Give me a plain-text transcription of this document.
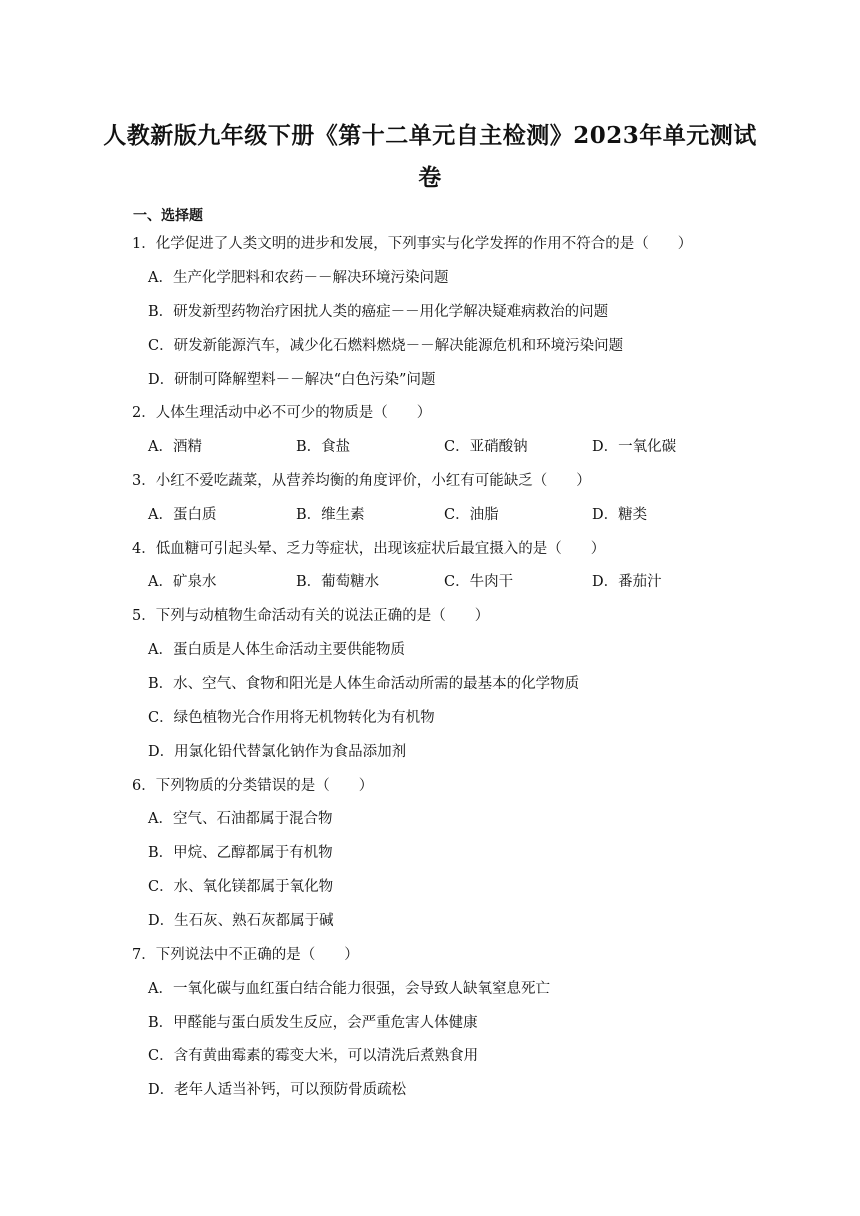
人教新版九年级下册《第十二单元自主检测》2023年单元测试
卷
一、选择题
1．化学促进了人类文明的进步和发展，下列事实与化学发挥的作用不符合的是（　　）
A．生产化学肥料和农药－－解决环境污染问题
B．研发新型药物治疗困扰人类的癌症－－用化学解决疑难病救治的问题
C．研发新能源汽车，减少化石燃料燃烧－－解决能源危机和环境污染问题
D．研制可降解塑料－－解决“白色污染”问题
2．人体生理活动中必不可少的物质是（　　）
A．酒精	B．食盐	C．亚硝酸钠	D．一氧化碳
3．小红不爱吃蔬菜，从营养均衡的角度评价，小红有可能缺乏（　　）
A．蛋白质	B．维生素	C．油脂	D．糖类
4．低血糖可引起头晕、乏力等症状，出现该症状后最宜摄入的是（　　）
A．矿泉水	B．葡萄糖水	C．牛肉干	D．番茄汁
5．下列与动植物生命活动有关的说法正确的是（　　）
A．蛋白质是人体生命活动主要供能物质
B．水、空气、食物和阳光是人体生命活动所需的最基本的化学物质
C．绿色植物光合作用将无机物转化为有机物
D．用氯化铅代替氯化钠作为食品添加剂
6．下列物质的分类错误的是（　　）
A．空气、石油都属于混合物
B．甲烷、乙醇都属于有机物
C．水、氧化镁都属于氧化物
D．生石灰、熟石灰都属于碱
7．下列说法中不正确的是（　　）
A．一氧化碳与血红蛋白结合能力很强，会导致人缺氧窒息死亡
B．甲醛能与蛋白质发生反应，会严重危害人体健康
C．含有黄曲霉素的霉变大米，可以清洗后煮熟食用
D．老年人适当补钙，可以预防骨质疏松
